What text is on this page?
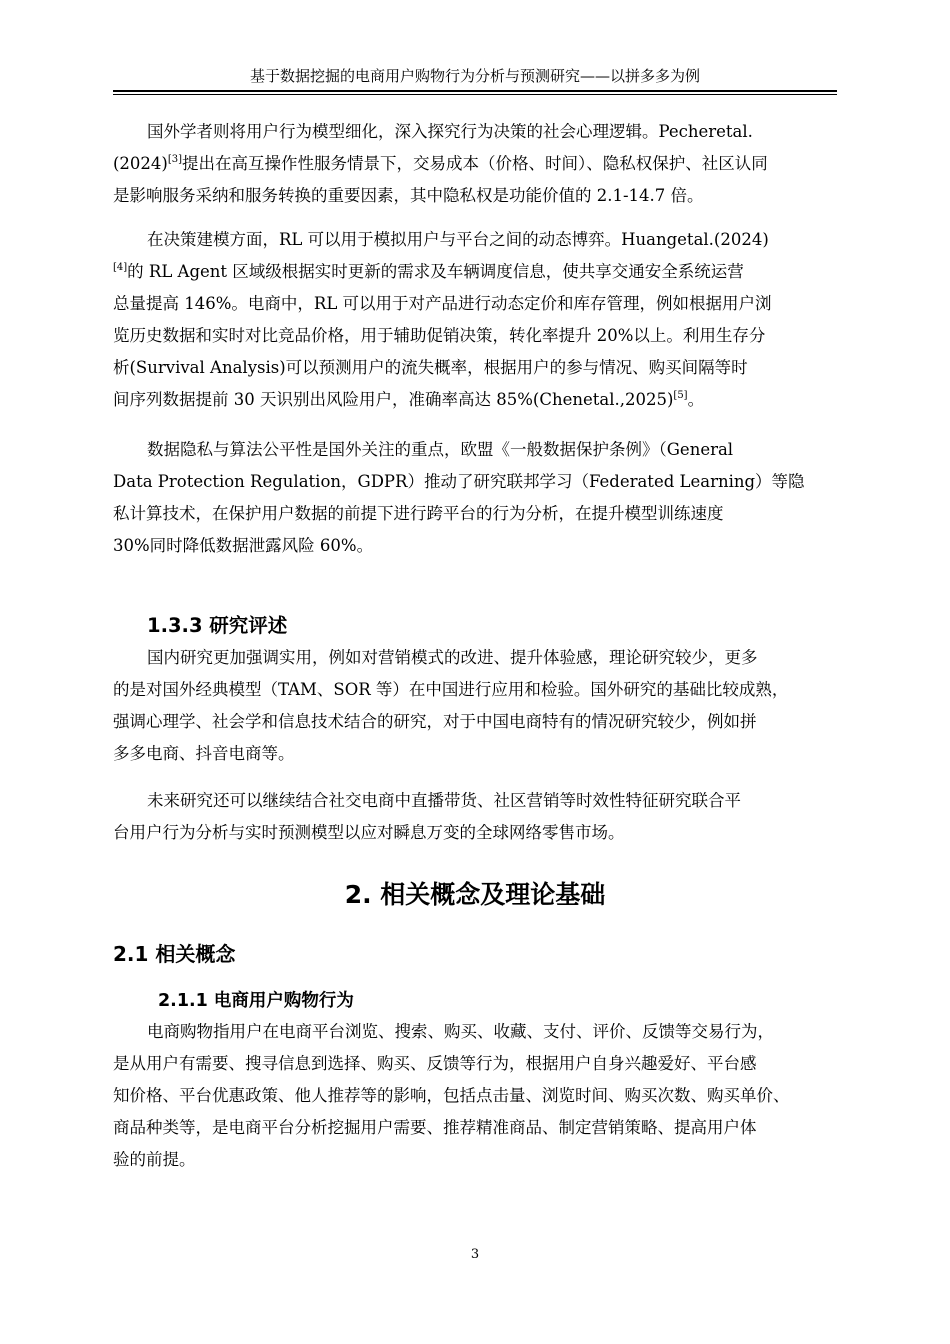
基于数据挖掘的电商用户购物行为分析与预测研究——以拼多多为例
国外学者则将用户行为模型细化，深入探究行为决策的社会心理逻辑。Pecheretal.
(2024)[3]提出在高互操作性服务情景下，交易成本（价格、时间）、隐私权保护、社区认同
是影响服务采纳和服务转换的重要因素，其中隐私权是功能价值的 2.1-14.7 倍。
在决策建模方面，RL 可以用于模拟用户与平台之间的动态博弈。Huangetal.(2024)
[4]的 RL Agent 区域级根据实时更新的需求及车辆调度信息，使共享交通安全系统运营
总量提高 146%。电商中，RL 可以用于对产品进行动态定价和库存管理，例如根据用户浏
览历史数据和实时对比竞品价格，用于辅助促销决策，转化率提升 20%以上。利用生存分
析(Survival Analysis)可以预测用户的流失概率，根据用户的参与情况、购买间隔等时
间序列数据提前 30 天识别出风险用户，准确率高达 85%(Chenetal.,2025)[5]。
数据隐私与算法公平性是国外关注的重点，欧盟《一般数据保护条例》（General
Data Protection Regulation，GDPR）推动了研究联邦学习（Federated Learning）等隐
私计算技术，在保护用户数据的前提下进行跨平台的行为分析，在提升模型训练速度
30%同时降低数据泄露风险 60%。
1.3.3 研究评述
国内研究更加强调实用，例如对营销模式的改进、提升体验感，理论研究较少，更多
的是对国外经典模型（TAM、SOR 等）在中国进行应用和检验。国外研究的基础比较成熟，
强调心理学、社会学和信息技术结合的研究，对于中国电商特有的情况研究较少，例如拼
多多电商、抖音电商等。
未来研究还可以继续结合社交电商中直播带货、社区营销等时效性特征研究联合平
台用户行为分析与实时预测模型以应对瞬息万变的全球网络零售市场。
2. 相关概念及理论基础
2.1 相关概念
2.1.1 电商用户购物行为
电商购物指用户在电商平台浏览、搜索、购买、收藏、支付、评价、反馈等交易行为，
是从用户有需要、搜寻信息到选择、购买、反馈等行为，根据用户自身兴趣爱好、平台感
知价格、平台优惠政策、他人推荐等的影响，包括点击量、浏览时间、购买次数、购买单价、
商品种类等，是电商平台分析挖掘用户需要、推荐精准商品、制定营销策略、提高用户体
验的前提。
3
